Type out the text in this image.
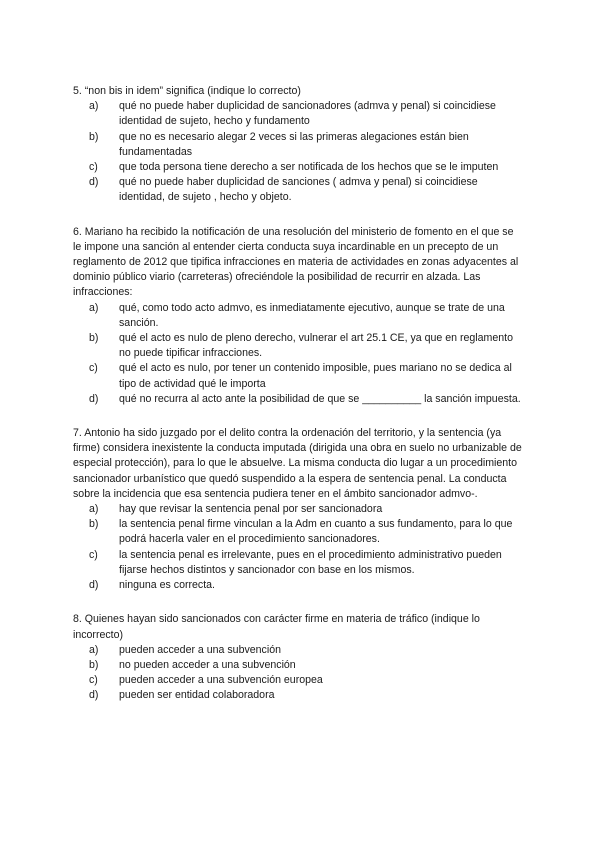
5. “non bis in idem” significa (indique lo correcto)

a)	qué no puede haber duplicidad de sancionadores (admva y penal) si coincidiese identidad de sujeto, hecho y fundamento
b)	que no es necesario alegar 2 veces si las primeras alegaciones están bien fundamentadas
c)	que toda persona tiene derecho a ser notificada de los hechos que se le imputen
d)	qué no puede haber duplicidad de sanciones ( admva y penal) si coincidiese identidad, de sujeto , hecho y objeto.

6. Mariano ha recibido la notificación de una resolución del ministerio de fomento en el que se le impone una sanción al entender cierta conducta suya incardinable en un precepto de un reglamento de 2012 que tipifica infracciones en materia de actividades en zonas adyacentes al dominio público viario (carreteras) ofreciéndole la posibilidad de recurrir en alzada. Las infracciones:

a)	qué, como todo acto admvo, es inmediatamente ejecutivo, aunque se trate de una sanción.
b)	qué el acto es nulo de pleno derecho, vulnerar el art 25.1 CE, ya que en reglamento no puede tipificar infracciones.
c)	qué el acto es nulo, por tener un contenido imposible, pues mariano no se dedica al tipo de actividad qué le importa
d)	qué no recurra al acto ante la posibilidad de que se __________ la sanción impuesta.

7. Antonio ha sido juzgado por el delito contra la ordenación del territorio, y la sentencia (ya firme) considera inexistente la conducta imputada (dirigida una obra en suelo no urbanizable de especial protección), para lo que le absuelve. La misma conducta dio lugar a un procedimiento sancionador urbanístico que quedó suspendido a la espera de sentencia penal. La conducta sobre la incidencia que esa sentencia pudiera tener en el ámbito sancionador admvo-.

a)	hay que revisar la sentencia penal por ser sancionadora
b)	la sentencia penal firme vinculan a la Adm en cuanto a sus fundamento, para lo que podrá hacerla valer en el procedimiento sancionadores.
c)	la sentencia penal es irrelevante, pues en el procedimiento administrativo pueden fijarse hechos distintos y sancionador con base en los mismos.
d)	ninguna es correcta.

8. Quienes hayan sido sancionados con carácter firme en materia de tráfico (indique lo incorrecto)

a)	pueden acceder a una subvención
b)	no pueden acceder a una subvención
c)	pueden acceder a una subvención europea
d)	pueden ser entidad colaboradora
